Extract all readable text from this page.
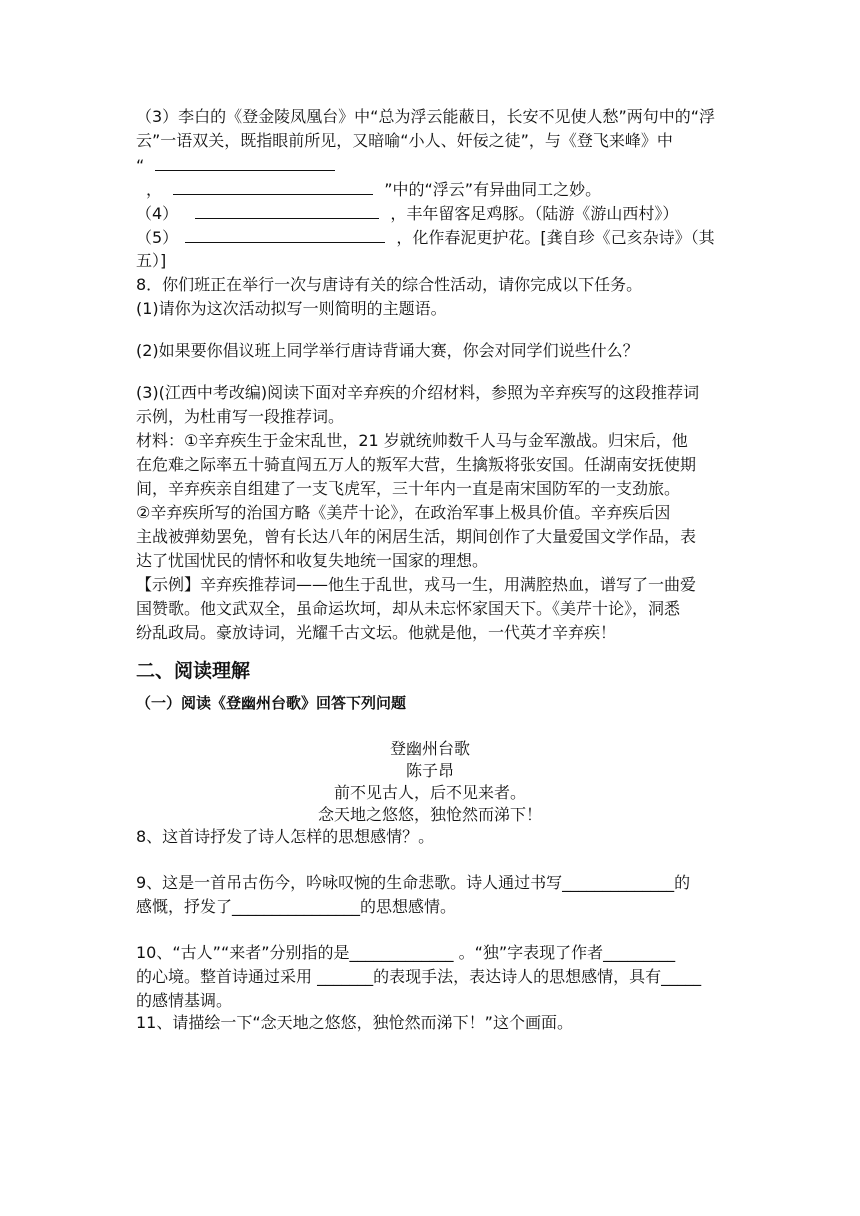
（3）李白的《登金陵凤凰台》中“总为浮云能蔽日，长安不见使人愁”两句中的“浮
云”一语双关，既指眼前所见，又暗喻“小人、奸佞之徒”，与《登飞来峰》中
“
，	”中的“浮云”有异曲同工之妙。
（4）	，丰年留客足鸡豚。（陆游《游山西村》）
（5）	，化作春泥更护花。[龚自珍《己亥杂诗》（其
五）]
8．你们班正在举行一次与唐诗有关的综合性活动，请你完成以下任务。
(1)请你为这次活动拟写一则简明的主题语。
(2)如果要你倡议班上同学举行唐诗背诵大赛，你会对同学们说些什么？
(3)(江西中考改编)阅读下面对辛弃疾的介绍材料，参照为辛弃疾写的这段推荐词
示例，为杜甫写一段推荐词。
材料：①辛弃疾生于金宋乱世，21 岁就统帅数千人马与金军激战。归宋后，他
在危难之际率五十骑直闯五万人的叛军大营，生擒叛将张安国。任湖南安抚使期
间，辛弃疾亲自组建了一支飞虎军，三十年内一直是南宋国防军的一支劲旅。
②辛弃疾所写的治国方略《美芹十论》，在政治军事上极具价值。辛弃疾后因
主战被弹劾罢免，曾有长达八年的闲居生活，期间创作了大量爱国文学作品，表
达了忧国忧民的情怀和收复失地统一国家的理想。
【示例】辛弃疾推荐词——他生于乱世，戎马一生，用满腔热血，谱写了一曲爱
国赞歌。他文武双全，虽命运坎坷，却从未忘怀家国天下。《美芹十论》，洞悉
纷乱政局。豪放诗词，光耀千古文坛。他就是他，一代英才辛弃疾！
二、阅读理解
（一）阅读《登幽州台歌》回答下列问题
登幽州台歌
陈子昂
前不见古人，后不见来者。
念天地之悠悠，独怆然而涕下！
8、这首诗抒发了诗人怎样的思想感情？。
9、这是一首吊古伤今，吟咏叹惋的生命悲歌。诗人通过书写______________的
感慨，抒发了________________的思想感情。
10、“古人”“来者”分别指的是_____________ 。“独”字表现了作者_________
的心境。整首诗通过采用 _______的表现手法，表达诗人的思想感情，具有_____
的感情基调。
11、请描绘一下“念天地之悠悠，独怆然而涕下！”这个画面。
